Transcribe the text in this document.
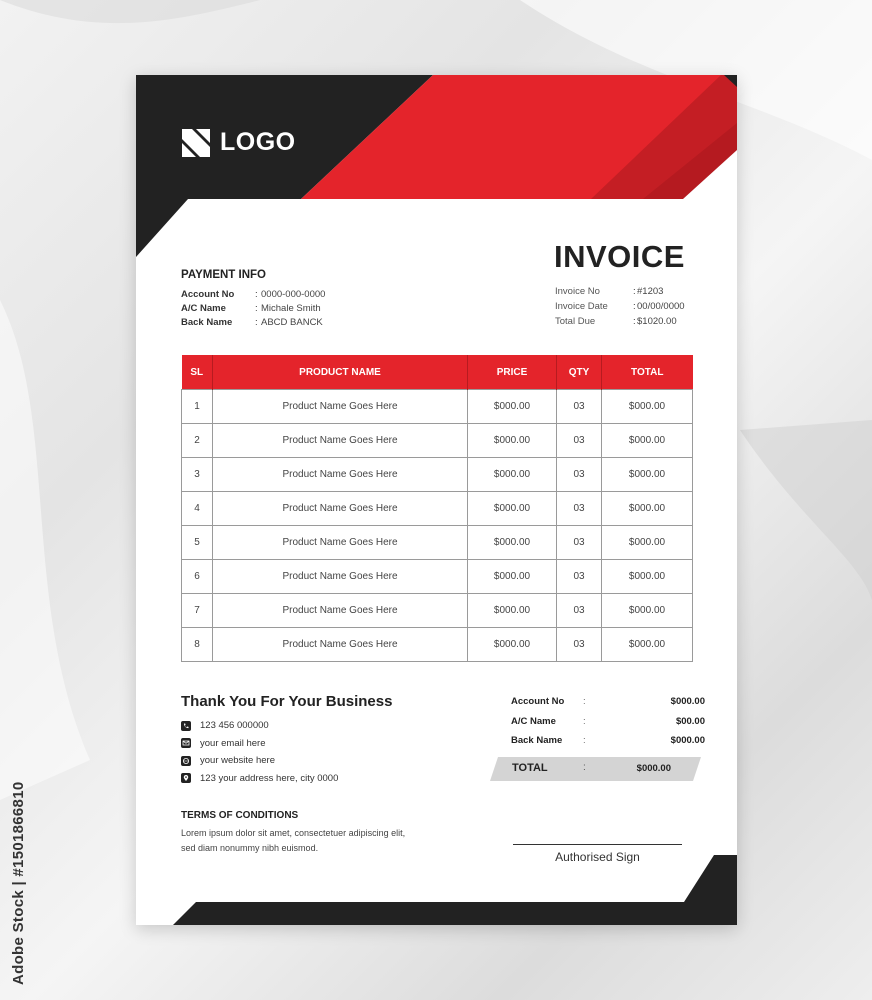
LOGO
INVOICE
PAYMENT INFO
Account No	: 0000-000-0000
A/C Name	: Michale Smith
Back Name	: ABCD BANCK
Invoice No	: #1203
Invoice Date	: 00/00/0000
Total Due	: $1020.00
SL	PRODUCT NAME	PRICE	QTY	TOTAL
1	Product Name Goes Here	$000.00	03	$000.00
2	Product Name Goes Here	$000.00	03	$000.00
3	Product Name Goes Here	$000.00	03	$000.00
4	Product Name Goes Here	$000.00	03	$000.00
5	Product Name Goes Here	$000.00	03	$000.00
6	Product Name Goes Here	$000.00	03	$000.00
7	Product Name Goes Here	$000.00	03	$000.00
8	Product Name Goes Here	$000.00	03	$000.00
Thank You For Your Business
123 456 000000
your email here
your website here
123 your address here, city 0000
TERMS OF CONDITIONS
Lorem ipsum dolor sit amet, consectetuer adipiscing elit,
sed diam nonummy nibh euismod.
Account No	:	$000.00
A/C Name	:	$00.00
Back Name	:	$000.00
TOTAL	:	$000.00
Authorised Sign
Adobe Stock | #1501866810
